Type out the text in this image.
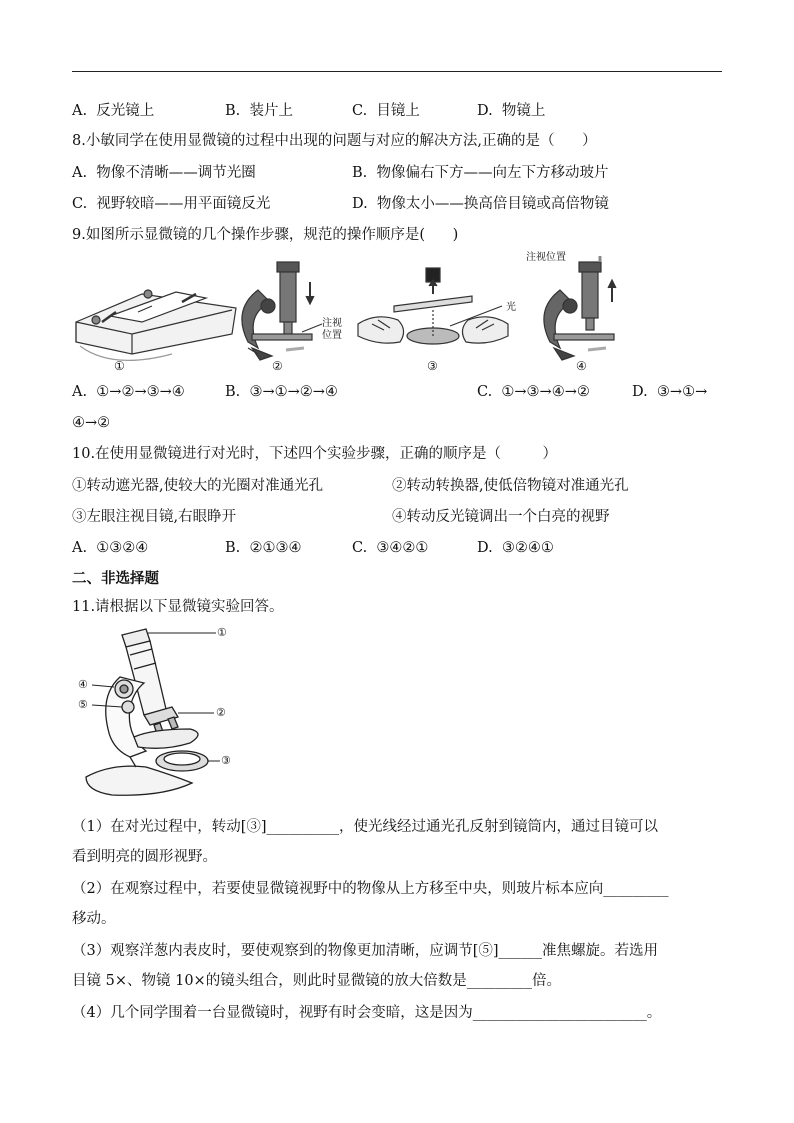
A.  反光镜上	B.  装片上	C.  目镜上	D.  物镜上
8.小敏同学在使用显微镜的过程中出现的问题与对应的解决方法,正确的是（      ）
A.  物像不清晰——调节光圈	B.  物像偏右下方——向左下方移动玻片
C.  视野较暗——用平面镜反光	D.  物像太小——换高倍目镜或高倍物镜
9.如图所示显微镜的几个操作步骤，规范的操作顺序是(      )
①	②	③	④
注视
位置
注视位置
光
A.  ①→②→③→④	B.  ③→①→②→④	C.  ①→③→④→②	D.  ③→①→
④→②
10.在使用显微镜进行对光时，下述四个实验步骤，正确的顺序是（         ）
①转动遮光器,使较大的光圈对准通光孔	②转动转换器,使低倍物镜对准通光孔
③左眼注视目镜,右眼睁开	④转动反光镜调出一个白亮的视野
A.  ①③②④	B.  ②①③④	C.  ③④②①	D.  ③②④①
二、非选择题
11.请根据以下显微镜实验回答。
①
②
③
④
⑤
（1）在对光过程中，转动[③]__________，使光线经过通光孔反射到镜筒内，通过目镜可以
看到明亮的圆形视野。
（2）在观察过程中，若要使显微镜视野中的物像从上方移至中央，则玻片标本应向_________
移动。
（3）观察洋葱内表皮时，要使观察到的物像更加清晰，应调节[⑤]______准焦螺旋。若选用
目镜 5×、物镜 10×的镜头组合，则此时显微镜的放大倍数是_________倍。
（4）几个同学围着一台显微镜时，视野有时会变暗，这是因为________________________。
